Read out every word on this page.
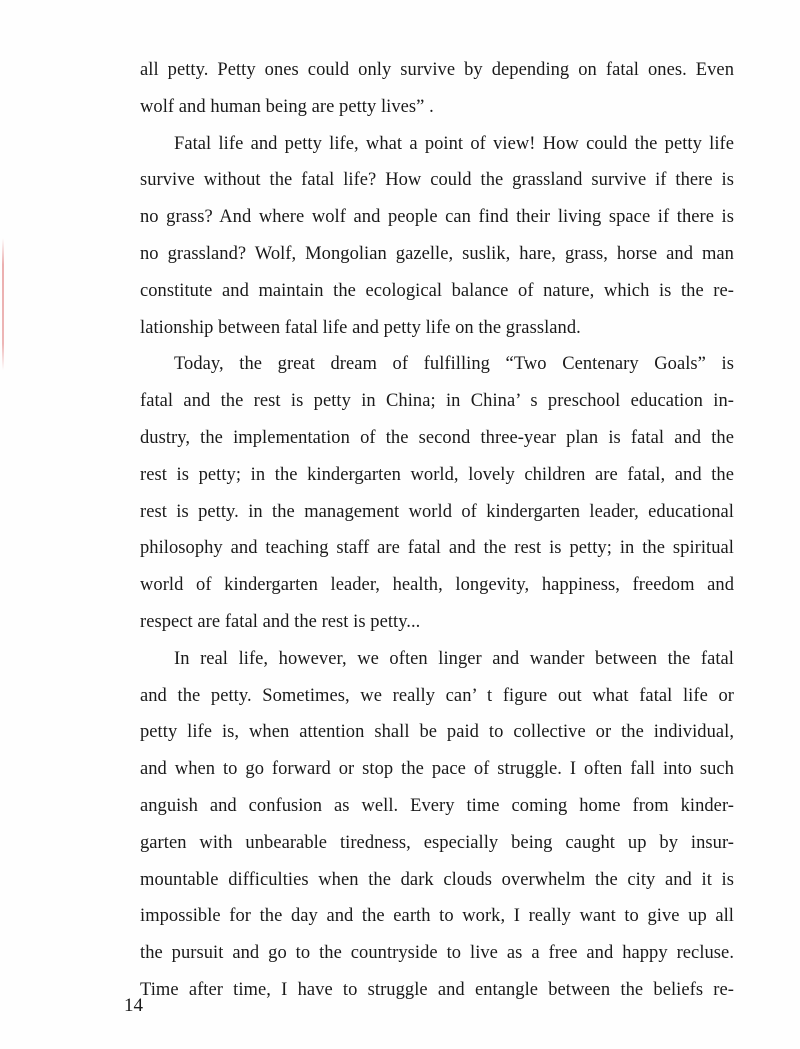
all petty. Petty ones could only survive by depending on fatal ones. Even
wolf and human being are petty lives” .
Fatal life and petty life, what a point of view! How could the petty life
survive without the fatal life? How could the grassland survive if there is
no grass? And where wolf and people can find their living space if there is
no grassland? Wolf, Mongolian gazelle, suslik, hare, grass, horse and man
constitute and maintain the ecological balance of nature, which is the re-
lationship between fatal life and petty life on the grassland.
Today, the great dream of fulfilling “Two Centenary Goals” is
fatal and the rest is petty in China; in China’ s preschool education in-
dustry, the implementation of the second three-year plan is fatal and the
rest is petty; in the kindergarten world, lovely children are fatal, and the
rest is petty. in the management world of kindergarten leader, educational
philosophy and teaching staff are fatal and the rest is petty; in the spiritual
world of kindergarten leader, health, longevity, happiness, freedom and
respect are fatal and the rest is petty...
In real life, however, we often linger and wander between the fatal
and the petty. Sometimes, we really can’ t figure out what fatal life or
petty life is, when attention shall be paid to collective or the individual,
and when to go forward or stop the pace of struggle. I often fall into such
anguish and confusion as well. Every time coming home from kinder-
garten with unbearable tiredness, especially being caught up by insur-
mountable difficulties when the dark clouds overwhelm the city and it is
impossible for the day and the earth to work, I really want to give up all
the pursuit and go to the countryside to live as a free and happy recluse.
Time after time, I have to struggle and entangle between the beliefs re-
14
